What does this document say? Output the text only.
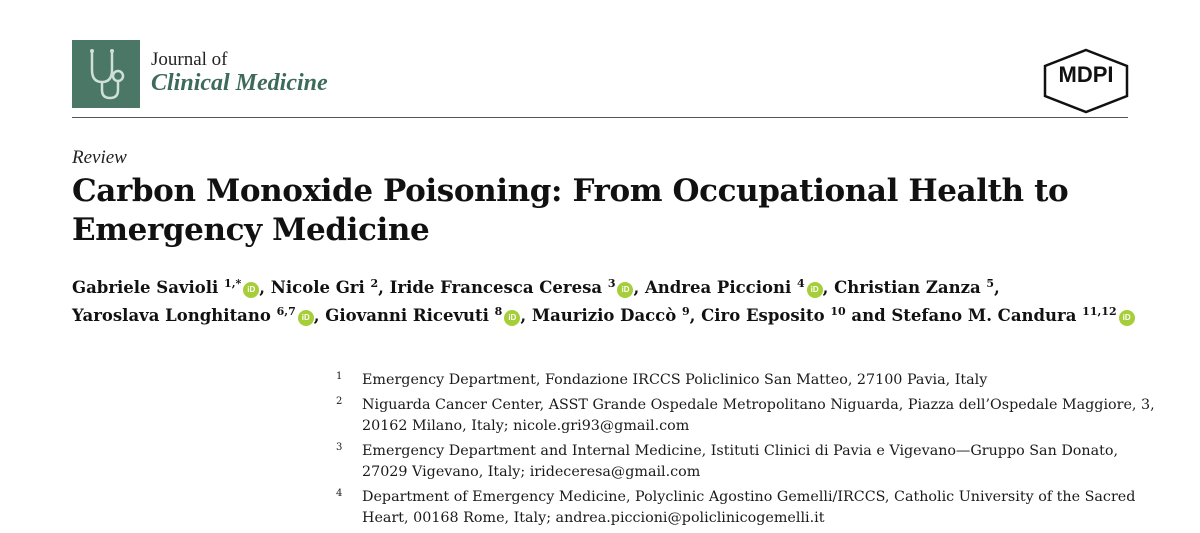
Journal of
Clinical Medicine	MDPI
Review
Carbon Monoxide Poisoning: From Occupational Health to
Emergency Medicine
Gabriele Savioli $^{1,*}$ iD , Nicole Gri $^2$, Iride Francesca Ceresa $^3$ iD , Andrea Piccioni $^4$ iD , Christian Zanza $^5$,
Yaroslava Longhitano $^{6,7}$ iD , Giovanni Ricevuti $^8$ iD , Maurizio Daccò $^9$, Ciro Esposito $^{10}$ and Stefano M. Candura $^{11,12}$ iD
1 Emergency Department, Fondazione IRCCS Policlinico San Matteo, 27100 Pavia, Italy
2 Niguarda Cancer Center, ASST Grande Ospedale Metropolitano Niguarda, Piazza dell’Ospedale Maggiore, 3, 20162 Milano, Italy; nicole.gri93@gmail.com
3 Emergency Department and Internal Medicine, Istituti Clinici di Pavia e Vigevano—Gruppo San Donato, 27029 Vigevano, Italy; irideceresa@gmail.com
4 Department of Emergency Medicine, Polyclinic Agostino Gemelli/IRCCS, Catholic University of the Sacred Heart, 00168 Rome, Italy; andrea.piccioni@policlinicogemelli.it
